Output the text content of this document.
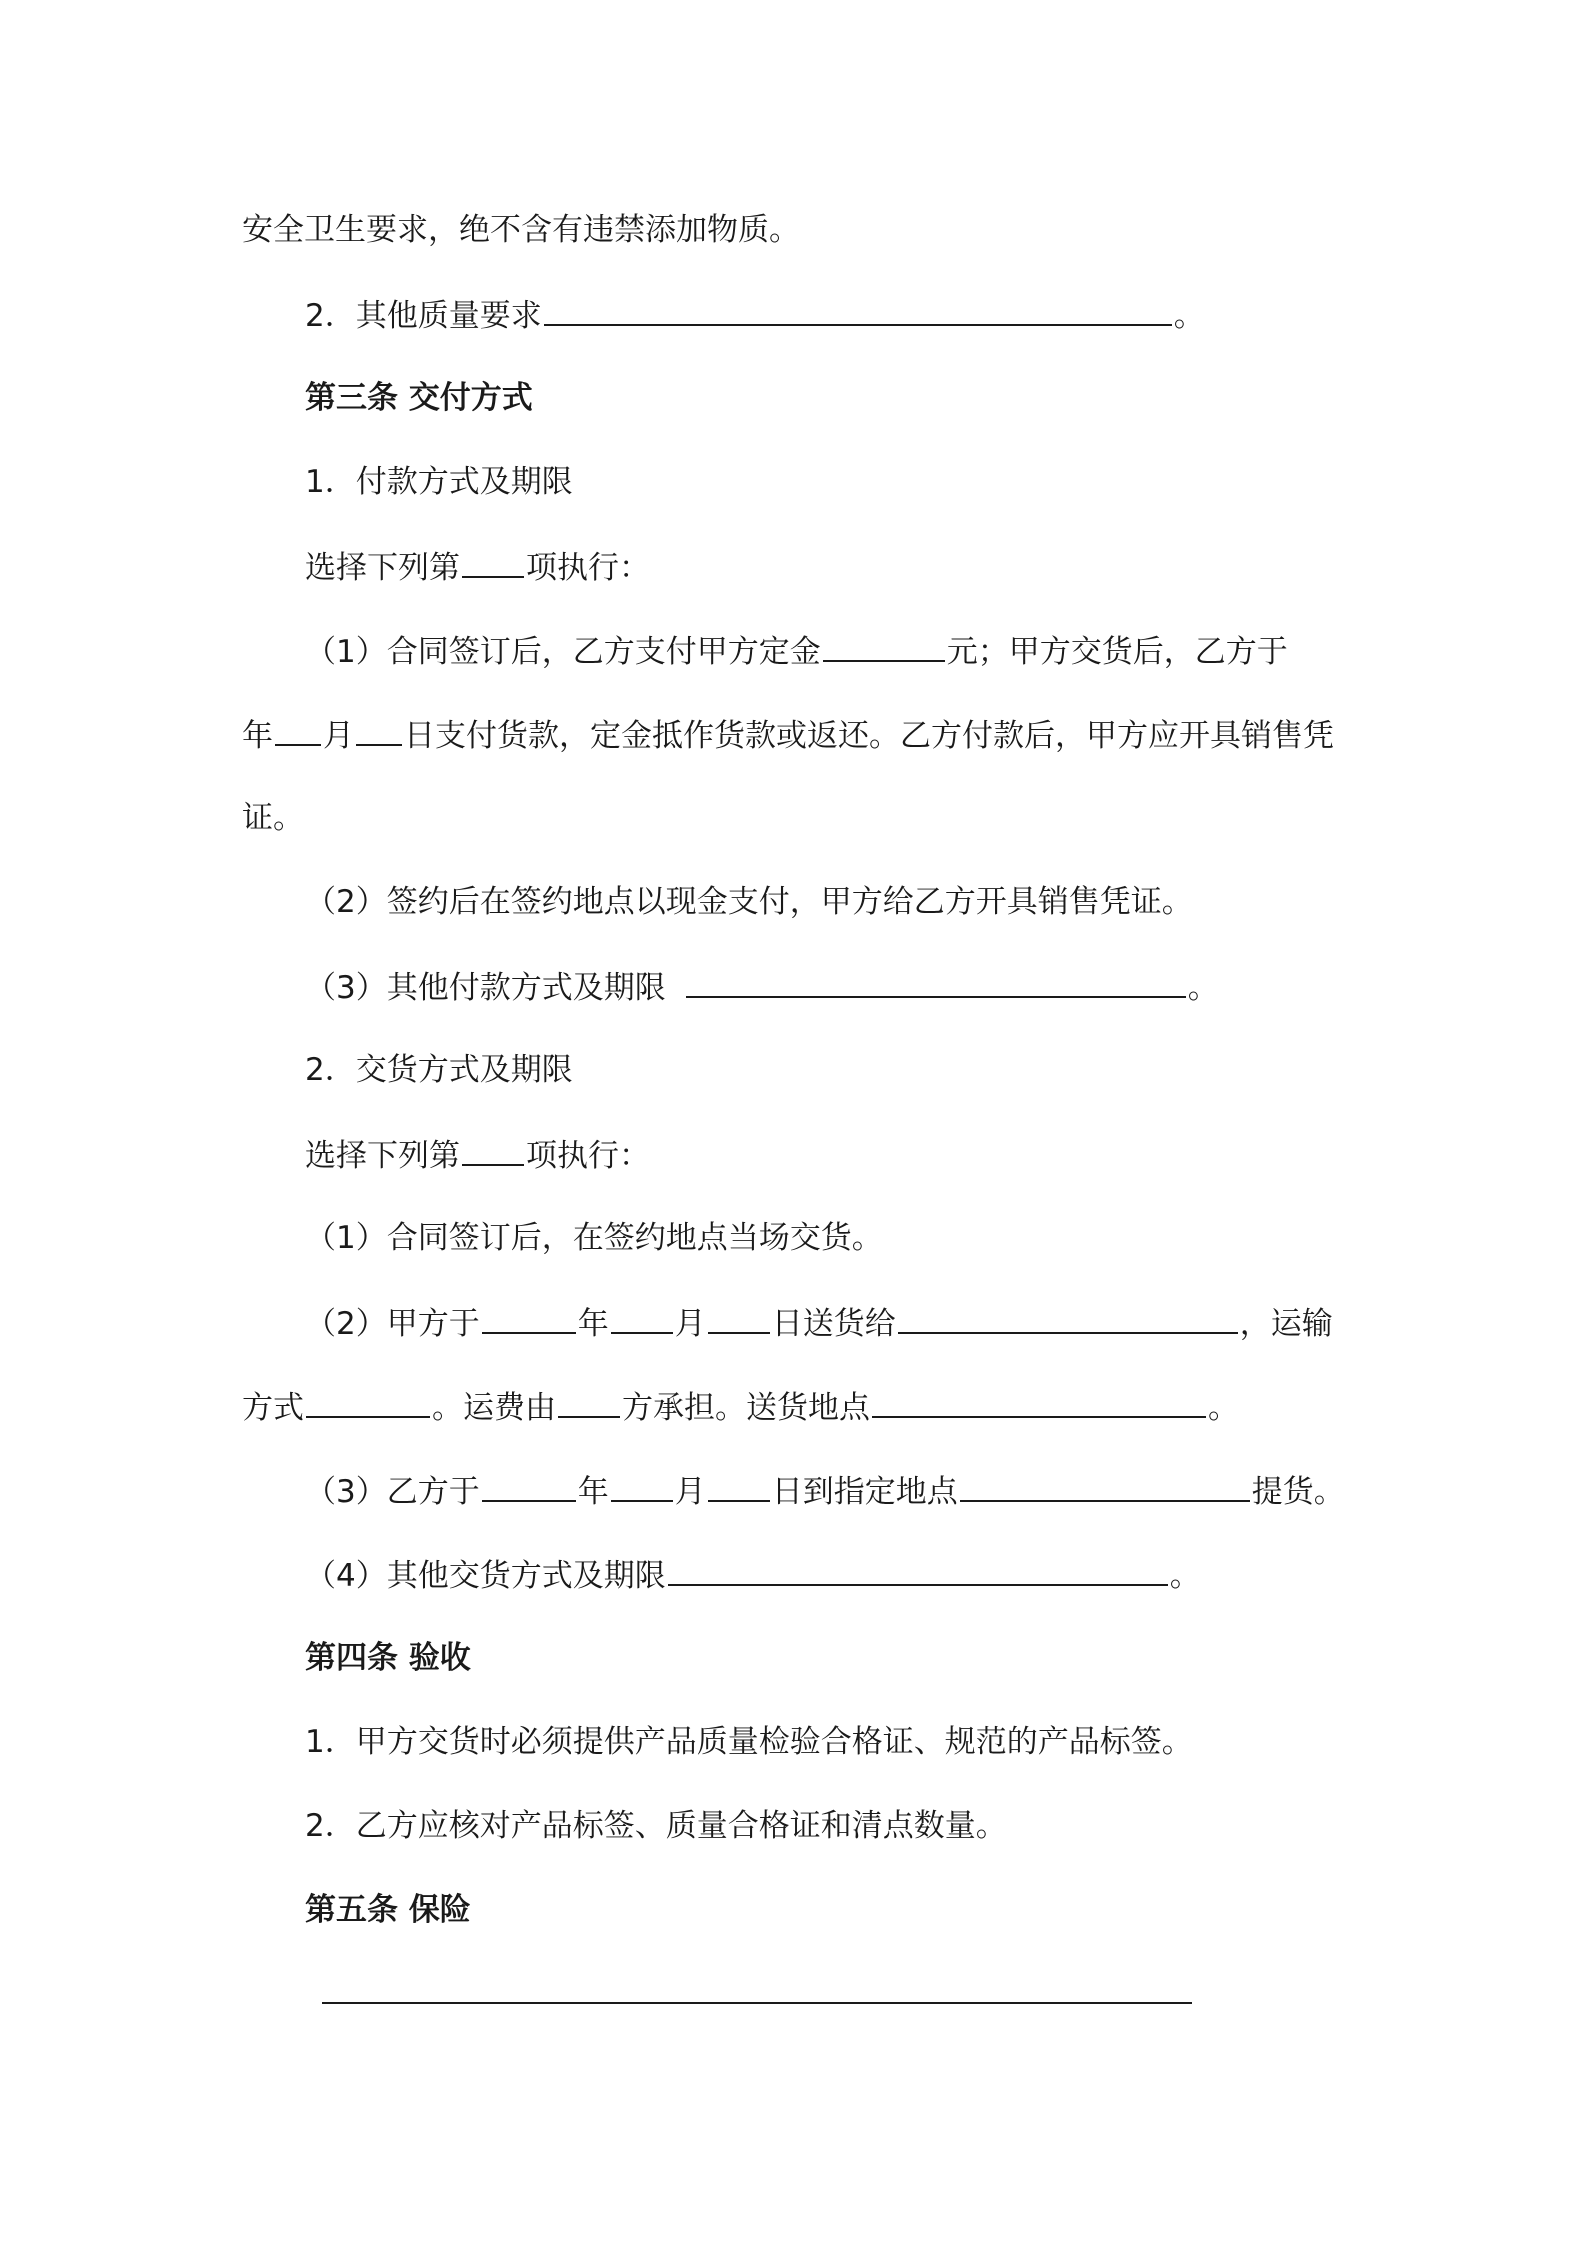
安全卫生要求，绝不含有违禁添加物质。
2．其他质量要求	。
第三条 交付方式
1．付款方式及期限
选择下列第 项执行：
（1）合同签订后，乙方支付甲方定金	元；甲方交货后，乙方于
年 月 日支付货款，定金抵作货款或返还。乙方付款后，甲方应开具销售凭
证。
（2）签约后在签约地点以现金支付，甲方给乙方开具销售凭证。
（3）其他付款方式及期限	。
2．交货方式及期限
选择下列第 项执行：
（1）合同签订后，在签约地点当场交货。
（2）甲方于	年 月 日送货给	，运输
方式	。运费由 方承担。送货地点	。
（3）乙方于	年 月 日到指定地点	提货。
（4）其他交货方式及期限	。
第四条 验收
1．甲方交货时必须提供产品质量检验合格证、规范的产品标签。
2．乙方应核对产品标签、质量合格证和清点数量。
第五条 保险
